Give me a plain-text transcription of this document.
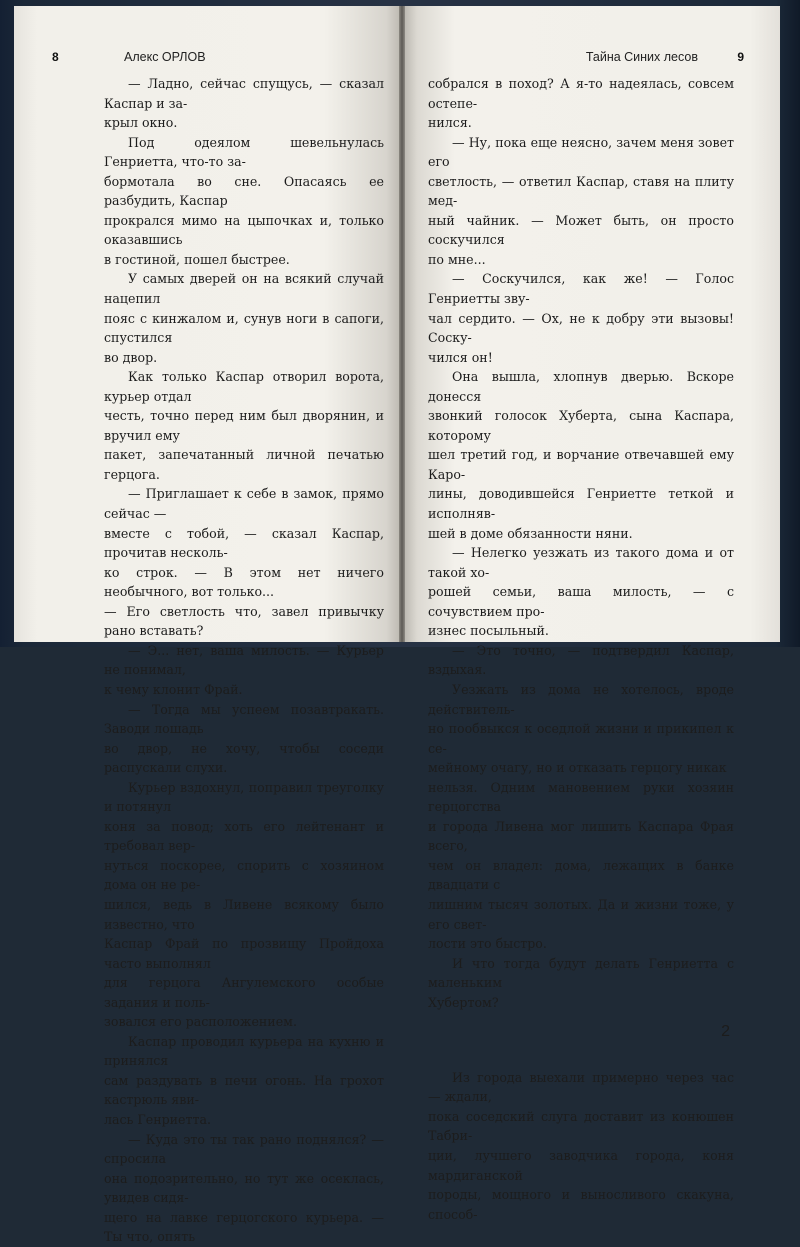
8	Алекс ОРЛОВ

— Ладно, сейчас спущусь, — сказал Каспар и за-
крыл окно.

Под одеялом шевельнулась Генриетта, что-то за-
бормотала во сне. Опасаясь ее разбудить, Каспар
прокрался мимо на цыпочках и, только оказавшись
в гостиной, пошел быстрее.

У самых дверей он на всякий случай нацепил
пояс с кинжалом и, сунув ноги в сапоги, спустился
во двор.

Как только Каспар отворил ворота, курьер отдал
честь, точно перед ним был дворянин, и вручил ему
пакет, запечатанный личной печатью герцога.

— Приглашает к себе в замок, прямо сейчас —
вместе с тобой, — сказал Каспар, прочитав несколь-
ко строк. — В этом нет ничего необычного, вот только...
— Его светлость что, завел привычку рано вставать?

— Э... нет, ваша милость. — Курьер не понимал,
к чему клонит Фрай.

— Тогда мы успеем позавтракать. Заводи лошадь
во двор, не хочу, чтобы соседи распускали слухи.

Курьер вздохнул, поправил треуголку и потянул
коня за повод; хоть его лейтенант и требовал вер-
нуться поскорее, спорить с хозяином дома он не ре-
шился, ведь в Ливене всякому было известно, что
Каспар Фрай по прозвищу Пройдоха часто выполнял
для герцога Ангулемского особые задания и поль-
зовался его расположением.

Каспар проводил курьера на кухню и принялся
сам раздувать в печи огонь. На грохот кастрюль яви-
лась Генриетта.

— Куда это ты так рано поднялся? — спросила
она подозрительно, но тут же осеклась, увидев сидя-
щего на лавке герцогского курьера. — Ты что, опять

Тайна Синих лесов	9

собрался в поход? А я-то надеялась, совсем остепе-
нился.

— Ну, пока еще неясно, зачем меня зовет его
светлость, — ответил Каспар, ставя на плиту мед-
ный чайник. — Может быть, он просто соскучился
по мне...

— Соскучился, как же! — Голос Генриетты зву-
чал сердито. — Ох, не к добру эти вызовы! Соску-
чился он!

Она вышла, хлопнув дверью. Вскоре донесся
звонкий голосок Хуберта, сына Каспара, которому
шел третий год, и ворчание отвечавшей ему Каро-
лины, доводившейся Генриетте теткой и исполняв-
шей в доме обязанности няни.

— Нелегко уезжать из такого дома и от такой хо-
рошей семьи, ваша милость, — с сочувствием про-
изнес посыльный.

— Это точно, — подтвердил Каспар, вздыхая.

Уезжать из дома не хотелось, вроде действитель-
но пообвыкся к оседлой жизни и прикипел к се-
мейному очагу, но и отказать герцогу никак
нельзя. Одним мановением руки хозяин герцогства
и города Ливена мог лишить Каспара Фрая всего,
чем он владел: дома, лежащих в банке двадцати с
лишним тысяч золотых. Да и жизни тоже, у его свет-
лости это быстро.

И что тогда будут делать Генриетта с маленьким
Хубертом?

2

Из города выехали примерно через час — ждали,
пока соседский слуга доставит из конюшен Табри-
ции, лучшего заводчика города, коня мардиганской
породы, мощного и выносливого скакуна, способ-
